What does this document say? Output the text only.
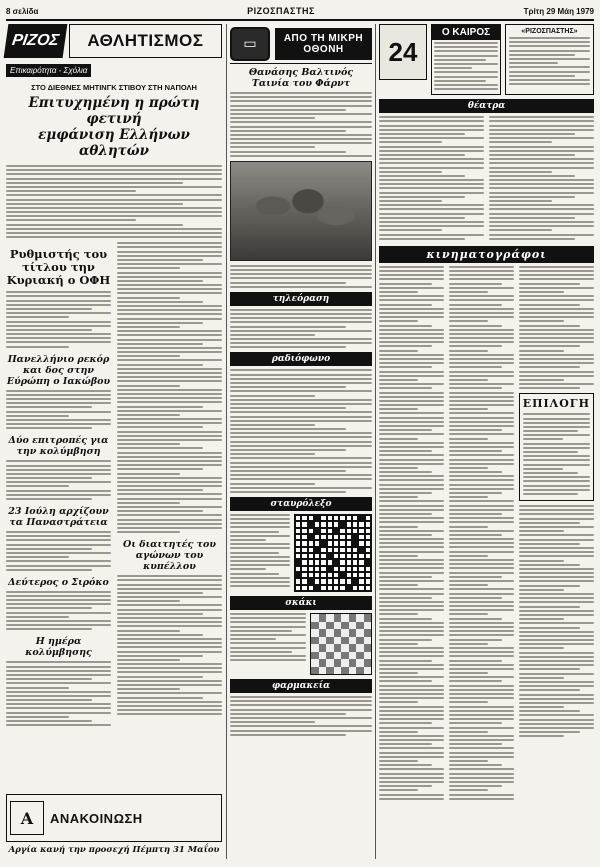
8 σελίδα	ΡΙΖΟΣΠΑΣΤΗΣ	Τρίτη 29 Μάη 1979
ΡΙΖΟΣ	ΑΘΛΗΤΙΣΜΟΣ
Επικαιρότητα - Σχόλια
ΣΤΟ ΔΙΕΘΝΕΣ ΜΗΤΙΝΓΚ ΣΤΙΒΟΥ ΣΤΗ ΝΑΠΟΛΗ
Επιτυχημένη η πρώτη φετινή
εμφάνιση Ελλήνων αθλητών
Ρυθμιστής του τίτλου την Κυριακή ο ΟΦΗ
Πανελλήνιο ρεκόρ και δος στην Εύρώπη ο Ιακώβου
Δύο επιτροπές για την κολύμβηση
23 Ιούλη αρχίζουν τα Παναστράτεια
Δεύτερος ο Σιρόκο
Η ημέρα κολύμβησης
Οι διαιτητές του αγώνων του κυπέλλου
Α	ΑΝΑΚΟΙΝΩΣΗ
Αργία κανή την προσεχή Πέμπτη 31 Μαΐου
▭	ΑΠΟ ΤΗ ΜΙΚΡΗ ΟΘΟΝΗ
Θανάσης Βαλτινός
Ταινία του Φάρντ
τηλεόραση
ραδιόφωνο
σταυρόλεξο
σκάκι
φαρμακεία
24
Ο ΚΑΙΡΟΣ	«ΡΙΖΟΣΠΑΣΤΗΣ»
θέατρα
κινηματογράφοι
ΕΠΙΛΟΓΗ
